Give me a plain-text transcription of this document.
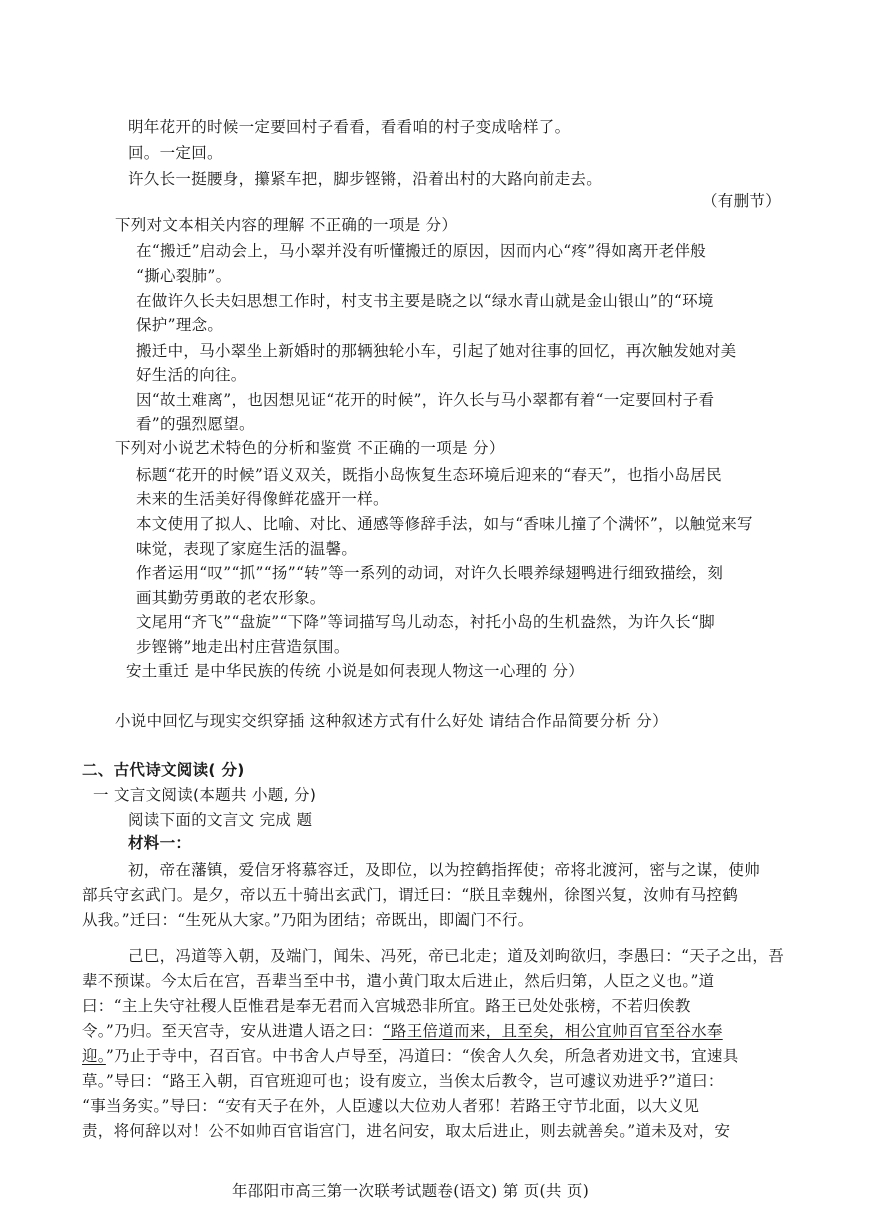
明年花开的时候一定要回村子看看，看看咱的村子变成啥样了。
回。一定回。
许久长一挺腰身，攥紧车把，脚步铿锵，沿着出村的大路向前走去。
（有删节）
下列对文本相关内容的理解 不正确的一项是 分）
在“搬迁”启动会上，马小翠并没有听懂搬迁的原因，因而内心“疼”得如离开老伴般
“撕心裂肺”。
在做许久长夫妇思想工作时，村支书主要是晓之以“绿水青山就是金山银山”的“环境
保护”理念。
搬迁中，马小翠坐上新婚时的那辆独轮小车，引起了她对往事的回忆，再次触发她对美
好生活的向往。
因“故土难离”，也因想见证“花开的时候”，许久长与马小翠都有着“一定要回村子看
看”的强烈愿望。
下列对小说艺术特色的分析和鉴赏 不正确的一项是 分）
标题“花开的时候”语义双关，既指小岛恢复生态环境后迎来的“春天”，也指小岛居民
未来的生活美好得像鲜花盛开一样。
本文使用了拟人、比喻、对比、通感等修辞手法，如与“香味儿撞了个满怀”，以触觉来写
味觉，表现了家庭生活的温馨。
作者运用“叹”“抓”“扬”“转”等一系列的动词，对许久长喂养绿翅鸭进行细致描绘，刻
画其勤劳勇敢的老农形象。
文尾用“齐飞”“盘旋”“下降”等词描写鸟儿动态，衬托小岛的生机盎然，为许久长“脚
步铿锵”地走出村庄营造氛围。
安土重迁 是中华民族的传统 小说是如何表现人物这一心理的 分）
小说中回忆与现实交织穿插 这种叙述方式有什么好处 请结合作品简要分析 分）
二、古代诗文阅读( 分)
一 文言文阅读(本题共 小题, 分)
阅读下面的文言文 完成 题
材料一：
初，帝在藩镇，爱信牙将慕容迁，及即位，以为控鹤指挥使；帝将北渡河，密与之谋，使帅
部兵守玄武门。是夕，帝以五十骑出玄武门，谓迁曰：“朕且幸魏州，徐图兴复，汝帅有马控鹤
从我。”迁曰：“生死从大家。”乃阳为团结；帝既出，即阖门不行。
己巳，冯道等入朝，及端门，闻朱、冯死，帝已北走；道及刘昫欲归，李愚曰：“天子之出，吾
辈不预谋。今太后在宫，吾辈当至中书，遣小黄门取太后进止，然后归第，人臣之义也。”道
曰：“主上失守社稷人臣惟君是奉无君而入宫城恐非所宜。路王已处处张榜，不若归俟教
令。”乃归。至天宫寺，安从进遣人语之曰：“路王倍道而来，且至矣，相公宜帅百官至谷水奉
迎。”乃止于寺中，召百官。中书舍人卢导至，冯道曰：“俟舍人久矣，所急者劝进文书，宜速具
草。”导曰：“路王入朝，百官班迎可也；设有废立，当俟太后教令，岂可遽议劝进乎?”道曰：
“事当务实。”导曰：“安有天子在外，人臣遽以大位劝人者邪！若路王守节北面，以大义见
责，将何辞以对！公不如帅百官诣宫门，进名问安，取太后进止，则去就善矣。”道未及对，安
年邵阳市高三第一次联考试题卷(语文) 第 页(共 页)
